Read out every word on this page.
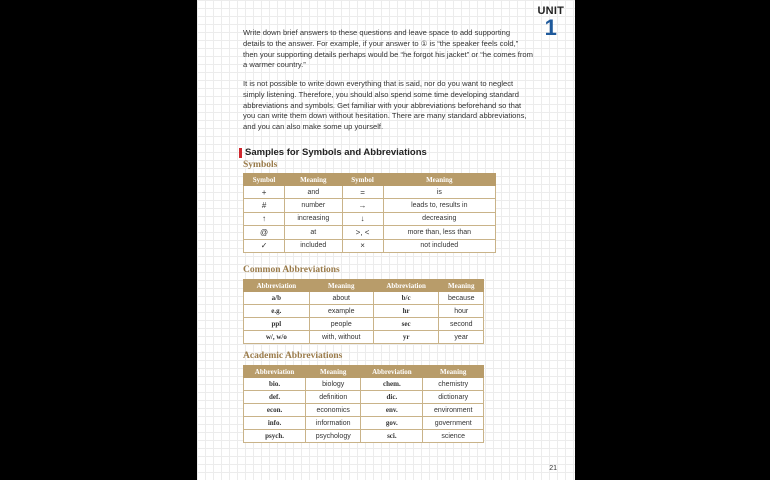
UNIT
1

Write down brief answers to these questions and leave space to add supporting details to the answer. For example, if your answer to ① is “the speaker feels cold,” then your supporting details perhaps would be “he forgot his jacket” or “he comes from a warmer country.”

It is not possible to write down everything that is said, nor do you want to neglect simply listening. Therefore, you should also spend some time developing standard abbreviations and symbols. Get familiar with your abbreviations beforehand so that you can write them down without hesitation. There are many standard abbreviations, and you can also make some up yourself.

Samples for Symbols and Abbreviations
Symbols
Symbol	Meaning	Symbol	Meaning
+	and	=	is
#	number	→	leads to, results in
↑	increasing	↓	decreasing
@	at	>, <	more than, less than
✓	included	×	not included
Common Abbreviations
Abbreviation	Meaning	Abbreviation	Meaning
a/b	about	b/c	because
e.g.	example	hr	hour
ppl	people	sec	second
w/, w/o	with, without	yr	year
Academic Abbreviations
Abbreviation	Meaning	Abbreviation	Meaning
bio.	biology	chem.	chemistry
def.	definition	dic.	dictionary
econ.	economics	env.	environment
info.	information	gov.	government
psych.	psychology	sci.	science
21
